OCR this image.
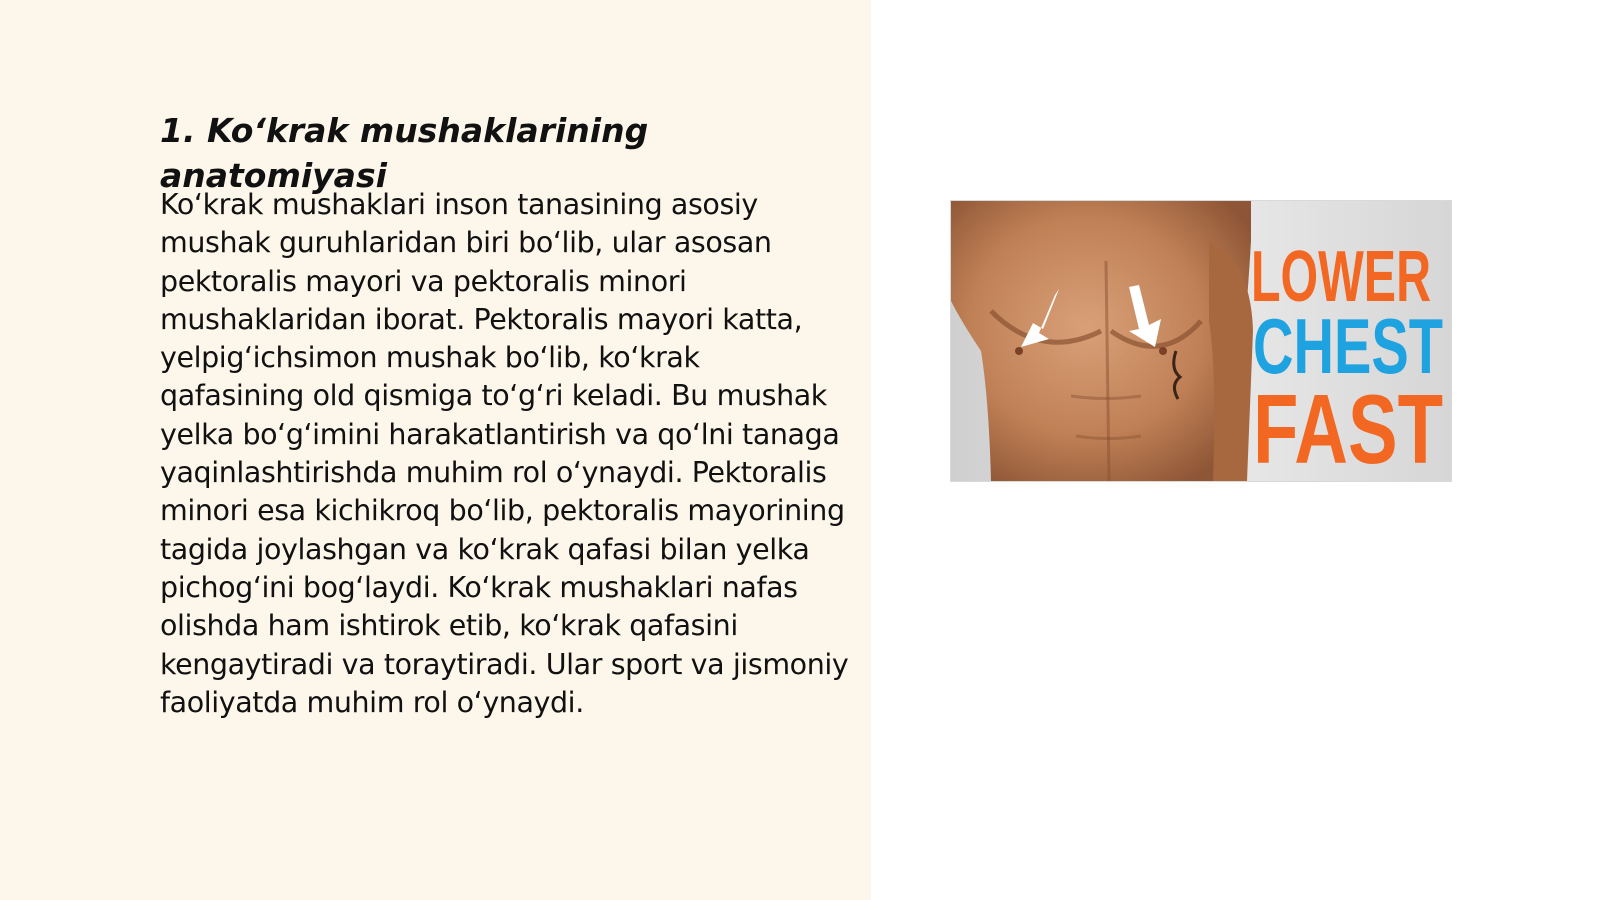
1. Ko‘krak mushaklarining anatomiyasi

Ko‘krak mushaklari inson tanasining asosiy mushak guruhlaridan biri bo‘lib, ular asosan pektoralis mayori va pektoralis minori mushaklaridan iborat. Pektoralis mayori katta, yelpig‘ichsimon mushak bo‘lib, ko‘krak qafasining old qismiga to‘g‘ri keladi. Bu mushak yelka bo‘g‘imini harakatlantirish va qo‘lni tanaga yaqinlashtirishda muhim rol o‘ynaydi. Pektoralis minori esa kichikroq bo‘lib, pektoralis mayorining tagida joylashgan va ko‘krak qafasi bilan yelka pichog‘ini bog‘laydi. Ko‘krak mushaklari nafas olishda ham ishtirok etib, ko‘krak qafasini kengaytiradi va toraytiradi. Ular sport va jismoniy faoliyatda muhim rol o‘ynaydi.

LOWER
CHEST
FAST
